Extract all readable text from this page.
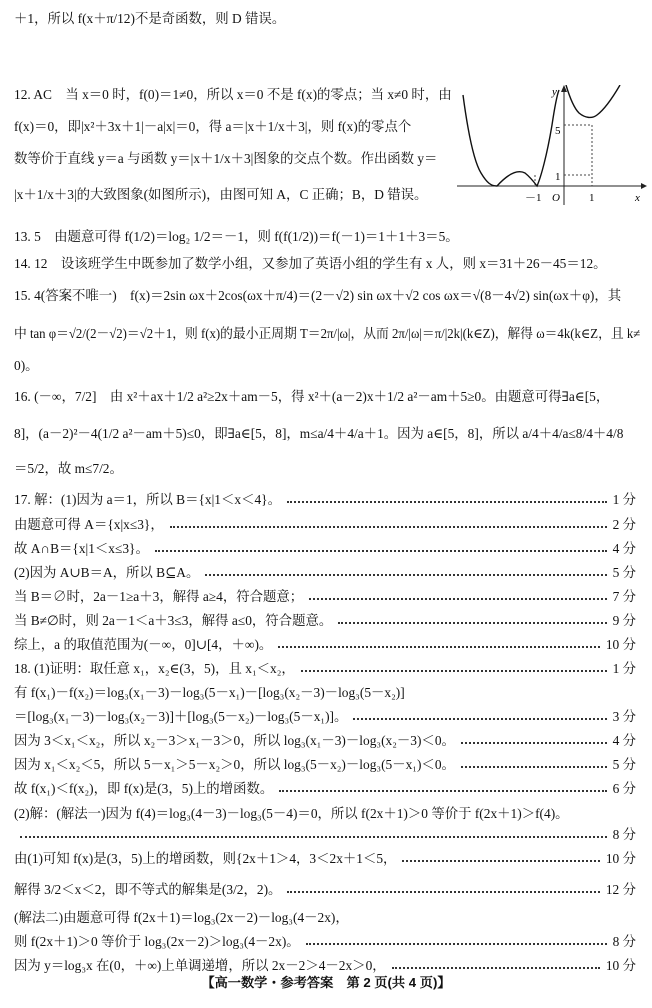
＋1，所以 f(x＋π/12)不是奇函数，则 D 错误。
12. AC　当 x＝0 时，f(0)＝1≠0，所以 x＝0 不是 f(x)的零点；当 x≠0 时，由
f(x)＝0，即|x²＋3x＋1|－a|x|＝0，得 a＝|x＋1/x＋3|，则 f(x)的零点个
数等价于直线 y＝a 与函数 y＝|x＋1/x＋3|图象的交点个数。作出函数 y＝
|x＋1/x＋3|的大致图象(如图所示)，由图可知 A，C 正确；B，D 错误。
13. 5　由题意可得 f(1/2)＝log₂ 1/2＝－1，则 f(f(1/2))＝f(－1)＝1＋1＋3＝5。
14. 12　设该班学生中既参加了数学小组，又参加了英语小组的学生有 x 人，则 x＝31＋26－45＝12。
15. 4(答案不唯一)　f(x)＝2sin ωx＋2cos(ωx＋π/4)＝(2－√2) sin ωx＋√2 cos ωx＝√(8－4√2) sin(ωx＋φ)，其
中 tan φ＝√2/(2－√2)＝√2＋1，则 f(x)的最小正周期 T＝2π/|ω|，从而 2π/|ω|＝π/|2k|(k∈Z)，解得 ω＝4k(k∈Z，且 k≠
0)。
16. (－∞，7/2]　由 x²＋ax＋1/2 a²≥2x＋am－5，得 x²＋(a－2)x＋1/2 a²－am＋5≥0。由题意可得∃a∈[5，
8]，(a－2)²－4(1/2 a²－am＋5)≤0，即∃a∈[5，8]，m≤a/4＋4/a＋1。因为 a∈[5，8]，所以 a/4＋4/a≤8/4＋4/8
＝5/2，故 m≤7/2。
17. 解：(1)因为 a＝1，所以 B＝{x|1＜x＜4}。	1 分
由题意可得 A＝{x|x≤3}，	2 分
故 A∩B＝{x|1＜x≤3}。	4 分
(2)因为 A∪B＝A，所以 B⊆A。	5 分
当 B＝∅时，2a－1≥a＋3，解得 a≥4，符合题意；	7 分
当 B≠∅时，则 2a－1＜a＋3≤3，解得 a≤0，符合题意。	9 分
综上，a 的取值范围为(－∞，0]∪[4，＋∞)。	10 分
18. (1)证明：取任意 x₁，x₂∈(3，5)，且 x₁＜x₂，	1 分
有 f(x₁)－f(x₂)＝log₃(x₁－3)－log₃(5－x₁)－[log₃(x₂－3)－log₃(5－x₂)]
＝[log₃(x₁－3)－log₃(x₂－3)]＋[log₃(5－x₂)－log₃(5－x₁)]。	3 分
因为 3＜x₁＜x₂，所以 x₂－3＞x₁－3＞0，所以 log₃(x₁－3)－log₃(x₂－3)＜0。	4 分
因为 x₁＜x₂＜5，所以 5－x₁＞5－x₂＞0，所以 log₃(5－x₂)－log₃(5－x₁)＜0。	5 分
故 f(x₁)＜f(x₂)，即 f(x)是(3，5)上的增函数。	6 分
(2)解：(解法一)因为 f(4)＝log₃(4－3)－log₃(5－4)＝0，所以 f(2x＋1)＞0 等价于 f(2x＋1)＞f(4)。
8 分
由(1)可知 f(x)是(3，5)上的增函数，则{2x＋1＞4，3＜2x＋1＜5，	10 分
解得 3/2＜x＜2，即不等式的解集是(3/2，2)。	12 分
(解法二)由题意可得 f(2x＋1)＝log₃(2x－2)－log₃(4－2x)，
则 f(2x＋1)＞0 等价于 log₃(2x－2)＞log₃(4－2x)。	8 分
因为 y＝log₃x 在(0，＋∞)上单调递增，所以 2x－2＞4－2x＞0，	10 分
y
x
O
5
1
－1	1
【高一数学・参考答案　第 2 页(共 4 页)】
